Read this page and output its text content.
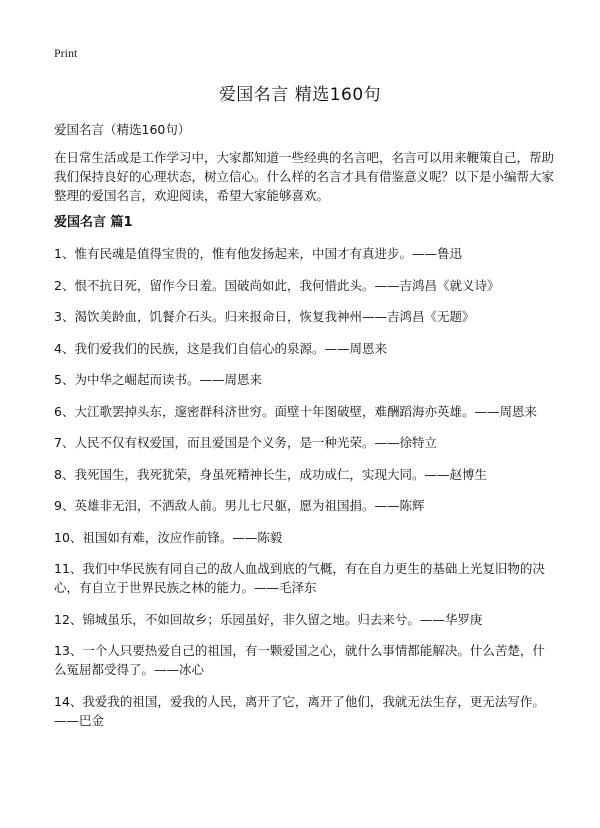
Print
爱国名言 精选160句
爱国名言（精选160句）

在日常生活或是工作学习中，大家都知道一些经典的名言吧，名言可以用来鞭策自己，帮助我们保持良好的心理状态，树立信心。什么样的名言才具有借鉴意义呢？以下是小编帮大家整理的爱国名言，欢迎阅读，希望大家能够喜欢。

爱国名言 篇1
1、惟有民魂是值得宝贵的，惟有他发扬起来，中国才有真进步。——鲁迅
2、恨不抗日死，留作今日羞。国破尚如此，我何惜此头。——吉鸿昌《就义诗》
3、渴饮美龄血，饥餐介石头。归来报命日，恢复我神州——吉鸿昌《无题》
4、我们爱我们的民族，这是我们自信心的泉源。——周恩来
5、为中华之崛起而读书。——周恩来
6、大江歌罢掉头东，邃密群科济世穷。面壁十年图破壁，难酬蹈海亦英雄。——周恩来
7、人民不仅有权爱国，而且爱国是个义务，是一种光荣。——徐特立
8、我死国生，我死犹荣，身虽死精神长生，成功成仁，实现大同。——赵博生
9、英雄非无泪，不洒敌人前。男儿七尺躯，愿为祖国捐。——陈辉
10、祖国如有难，汝应作前锋。——陈毅
11、我们中华民族有同自己的敌人血战到底的气概，有在自力更生的基础上光复旧物的决心，有自立于世界民族之林的能力。——毛泽东
12、锦城虽乐，不如回故乡；乐园虽好，非久留之地。归去来兮。——华罗庚
13、一个人只要热爱自己的祖国，有一颗爱国之心，就什么事情都能解决。什么苦楚，什么冤屈都受得了。——冰心
14、我爱我的祖国，爱我的人民，离开了它，离开了他们，我就无法生存，更无法写作。——巴金
